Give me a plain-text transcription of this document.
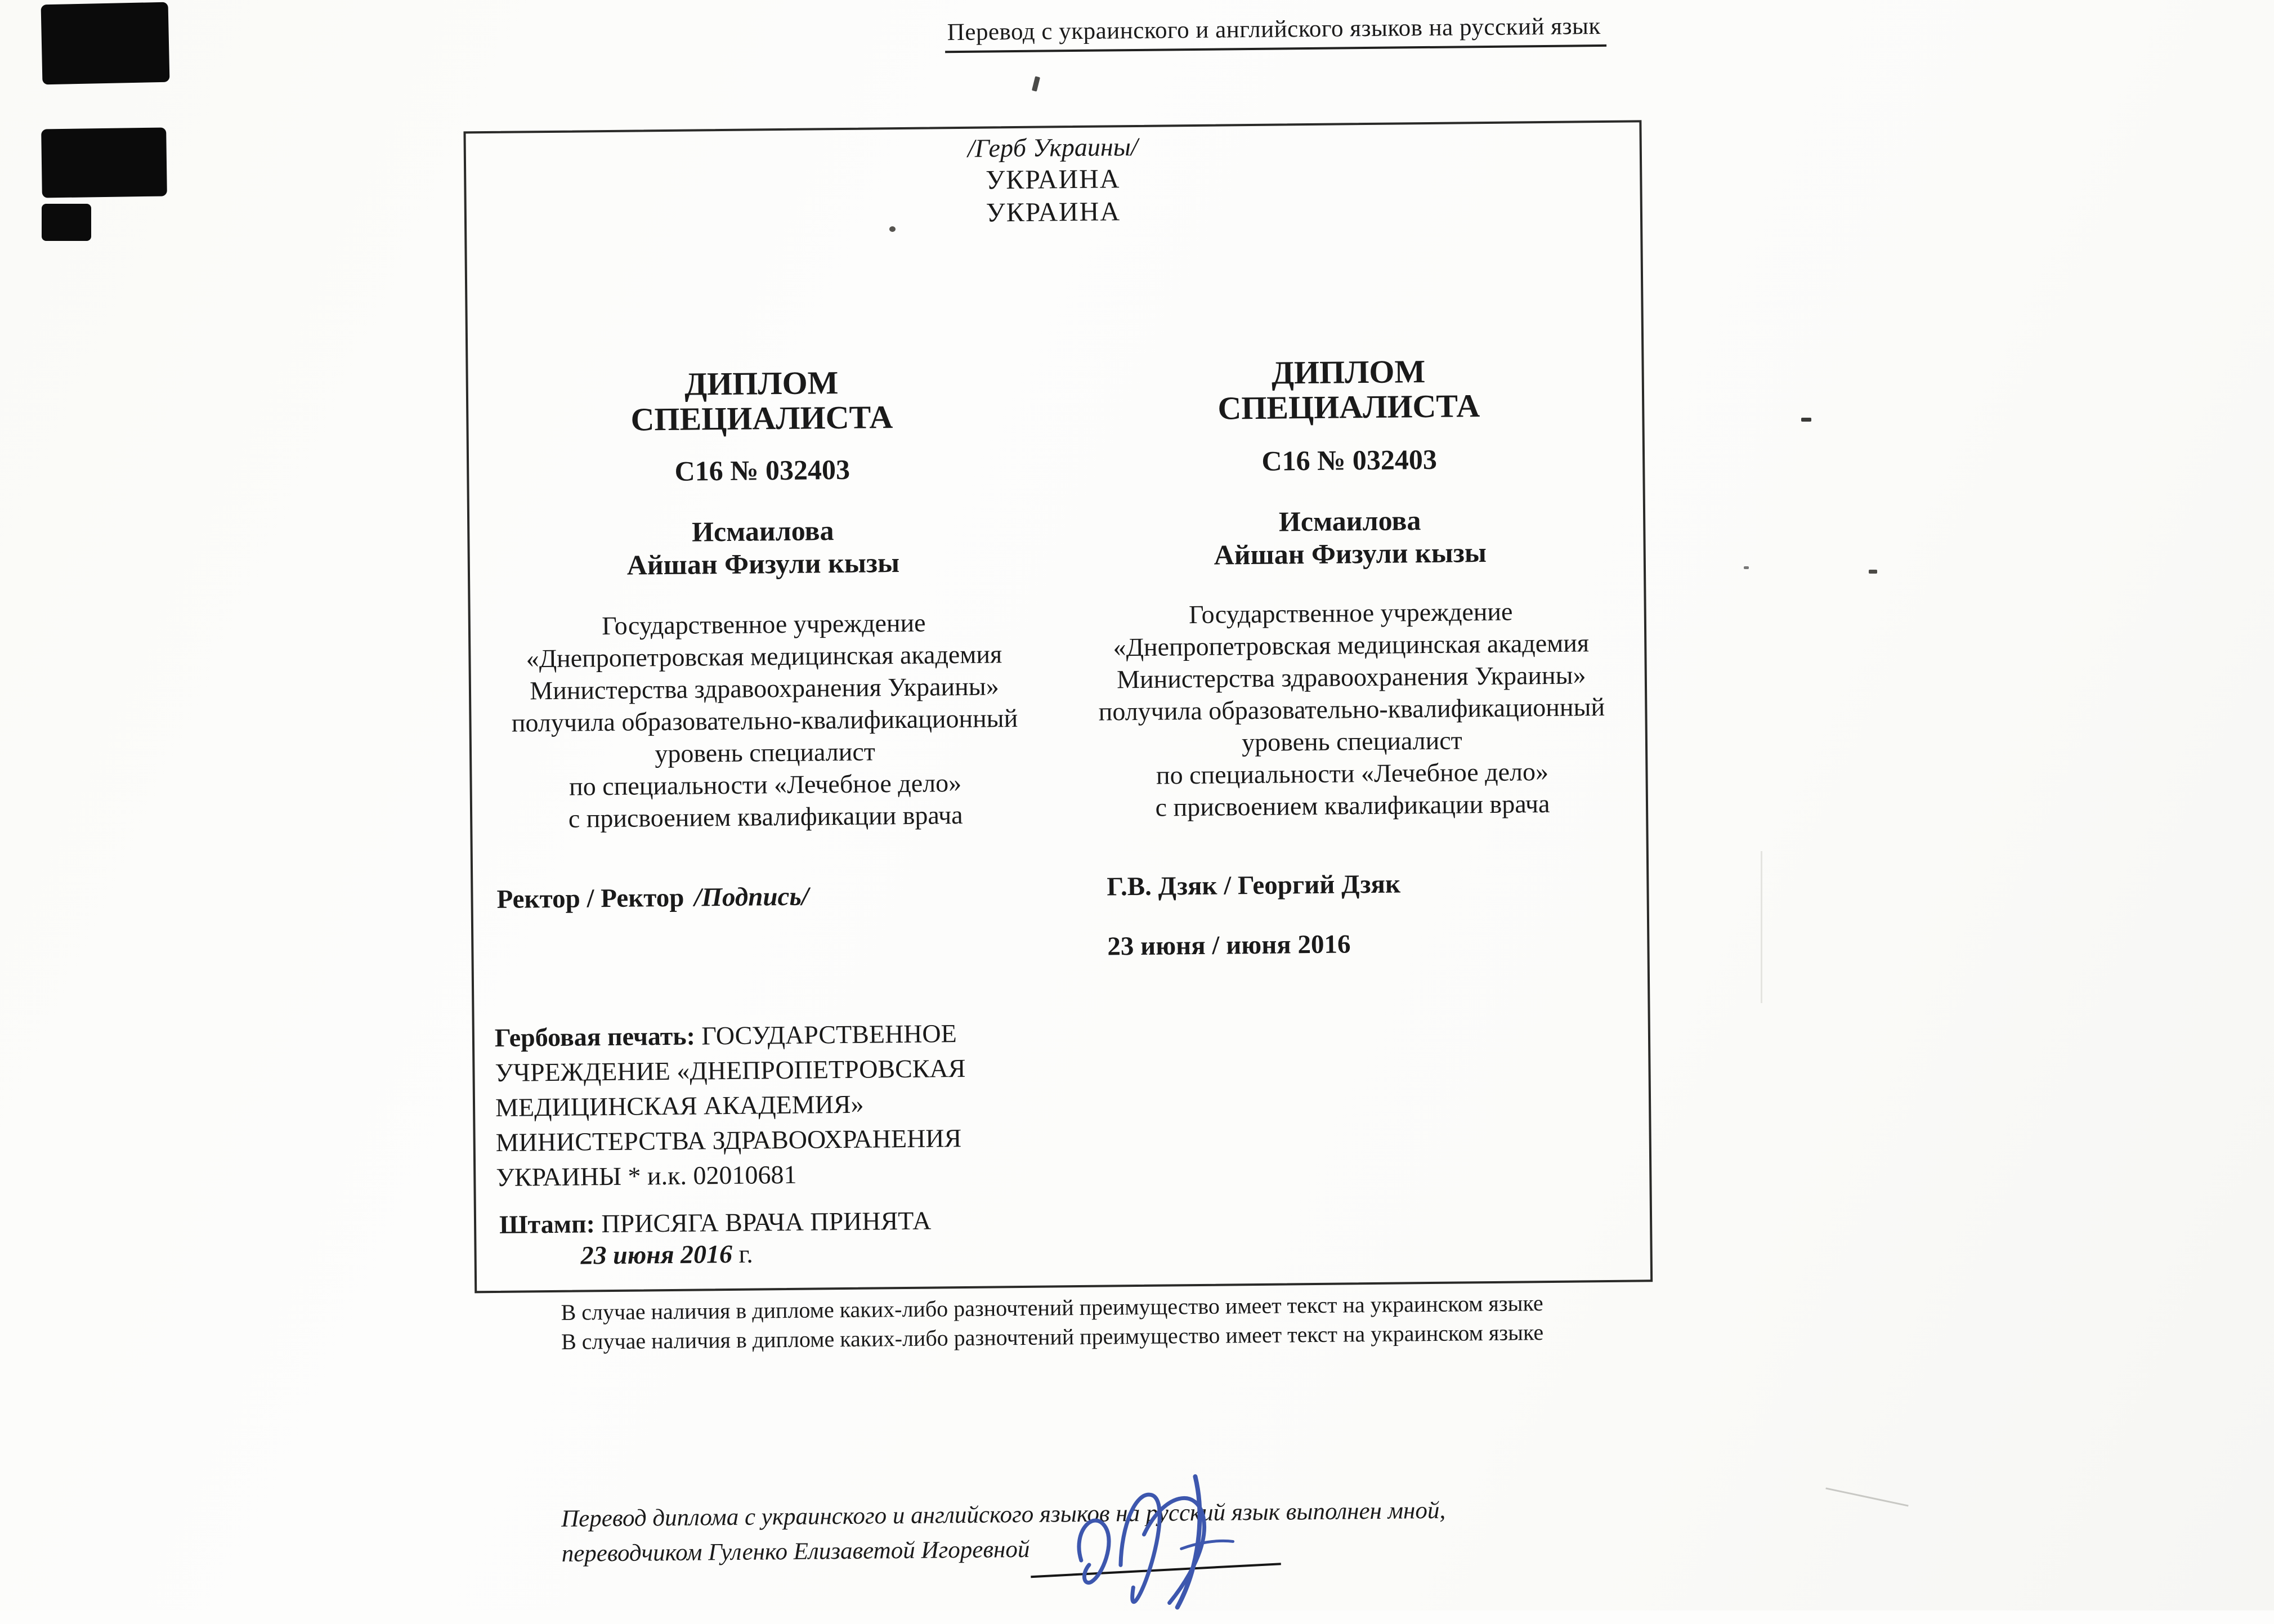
Перевод с украинского и английского языков на русский язык
/Герб Украины/
УКРАИНА
УКРАИНА
ДИПЛОМ
СПЕЦИАЛИСТА
С16 № 032403
Исмаилова
Айшан Физули кызы
Государственное учреждение
«Днепропетровская медицинская академия
Министерства здравоохранения Украины»
получила образовательно-квалификационный
уровень специалист
по специальности «Лечебное дело»
с присвоением квалификации врача
ДИПЛОМ
СПЕЦИАЛИСТА
С16 № 032403
Исмаилова
Айшан Физули кызы
Государственное учреждение
«Днепропетровская медицинская академия
Министерства здравоохранения Украины»
получила образовательно-квалификационный
уровень специалист
по специальности «Лечебное дело»
с присвоением квалификации врача
Ректор / Ректор /Подпись/	Г.В. Дзяк / Георгий Дзяк
23 июня / июня 2016
Гербовая печать: ГОСУДАРСТВЕННОЕ
УЧРЕЖДЕНИЕ «ДНЕПРОПЕТРОВСКАЯ
МЕДИЦИНСКАЯ АКАДЕМИЯ»
МИНИСТЕРСТВА ЗДРАВООХРАНЕНИЯ
УКРАИНЫ * и.к. 02010681
Штамп: ПРИСЯГА ВРАЧА ПРИНЯТА
23 июня 2016 г.
В случае наличия в дипломе каких-либо разночтений преимущество имеет текст на украинском языке
В случае наличия в дипломе каких-либо разночтений преимущество имеет текст на украинском языке
Перевод диплома с украинского и английского языков на русский язык выполнен мной,
переводчиком Гуленко Елизаветой Игоревной
